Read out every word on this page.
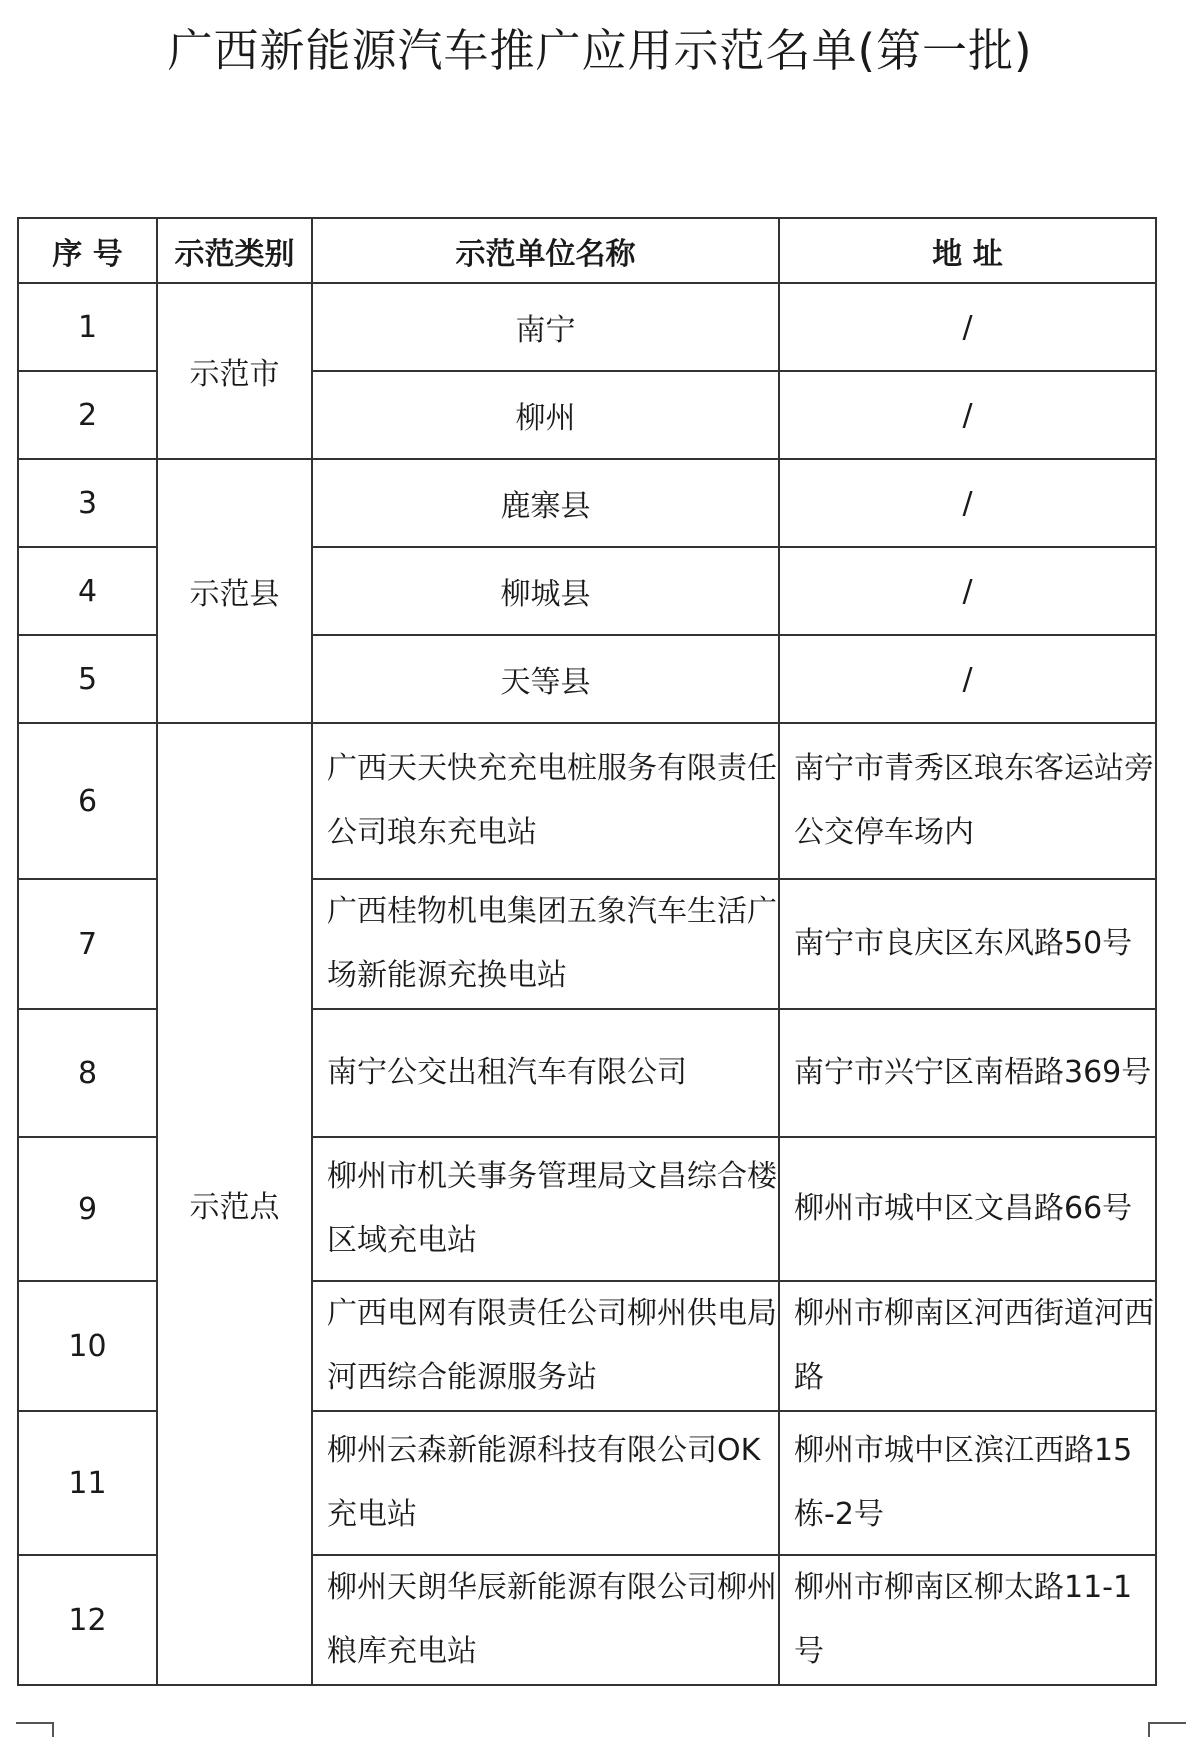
广西新能源汽车推广应用示范名单(第一批)
序 号	示范类别	示范单位名称	地 址
1	示范市	南宁	/
2		柳州	/
3	示范县	鹿寨县	/
4		柳城县	/
5		天等县	/
6	示范点	广西天天快充充电桩服务有限责任公司琅东充电站	南宁市青秀区琅东客运站旁公交停车场内
7		广西桂物机电集团五象汽车生活广场新能源充换电站	南宁市良庆区东风路50号
8		南宁公交出租汽车有限公司	南宁市兴宁区南梧路369号
9		柳州市机关事务管理局文昌综合楼区域充电站	柳州市城中区文昌路66号
10		广西电网有限责任公司柳州供电局河西综合能源服务站	柳州市柳南区河西街道河西路
11		柳州云森新能源科技有限公司OK充电站	柳州市城中区滨江西路15栋-2号
12		柳州天朗华辰新能源有限公司柳州粮库充电站	柳州市柳南区柳太路11-1号
